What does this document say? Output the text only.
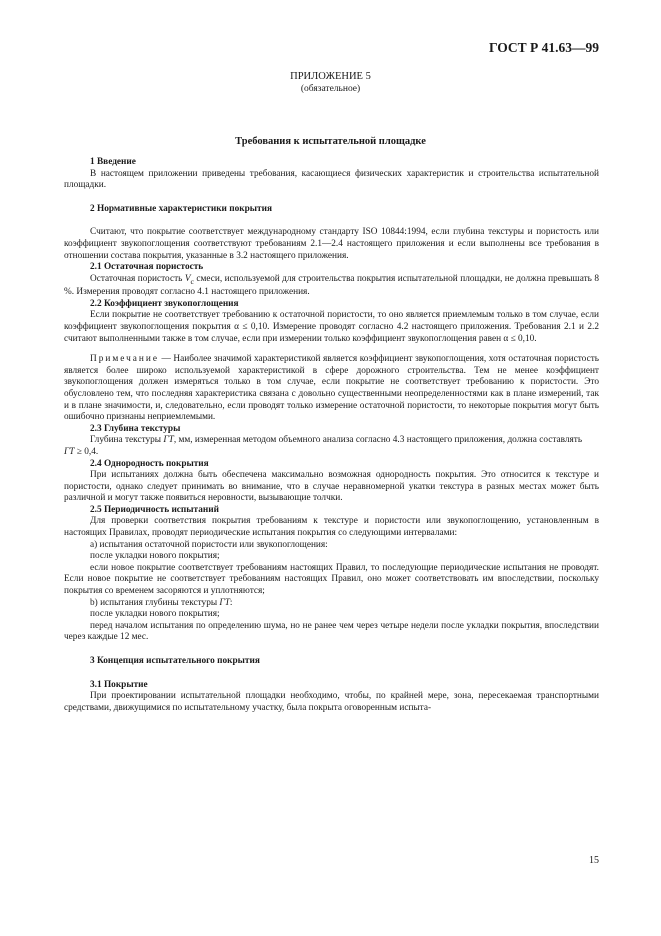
ГОСТ Р 41.63—99
ПРИЛОЖЕНИЕ 5
(обязательное)
Требования к испытательной площадке

1 Введение

В настоящем приложении приведены требования, касающиеся физических характеристик и строительства испытательной площадки.

2 Нормативные характеристики покрытия

Считают, что покрытие соответствует международному стандарту ISO 10844:1994, если глубина текстуры и пористость или коэффициент звукопоглощения соответствуют требованиям 2.1—2.4 настоящего приложения и если выполнены все требования в отношении состава покрытия, указанные в 3.2 настоящего приложения.

2.1 Остаточная пористость

Остаточная пористость $V_c$ смеси, используемой для строительства покрытия испытательной площадки, не должна превышать 8 %. Измерения проводят согласно 4.1 настоящего приложения.

2.2 Коэффициент звукопоглощения

Если покрытие не соответствует требованию к остаточной пористости, то оно является приемлемым только в том случае, если коэффициент звукопоглощения покрытия α ≤ 0,10. Измерение проводят согласно 4.2 настоящего приложения. Требования 2.1 и 2.2 считают выполненными также в том случае, если при измерении только коэффициент звукопоглощения равен α ≤ 0,10.

Примечание — Наиболее значимой характеристикой является коэффициент звукопоглощения, хотя остаточная пористость является более широко используемой характеристикой в сфере дорожного строительства. Тем не менее коэффициент звукопоглощения должен измеряться только в том случае, если покрытие не соответствует требованию к пористости. Это обусловлено тем, что последняя характеристика связана с довольно существенными неопределенностями как в плане измерений, так и в плане значимости, и, следовательно, если проводят только измерение остаточной пористости, то некоторые покрытия могут быть ошибочно признаны неприемлемыми.

2.3 Глубина текстуры

Глубина текстуры ГТ, мм, измеренная методом объемного анализа согласно 4.3 настоящего приложения, должна составлять

ГТ ≥ 0,4.

2.4 Однородность покрытия

При испытаниях должна быть обеспечена максимально возможная однородность покрытия. Это относится к текстуре и пористости, однако следует принимать во внимание, что в случае неравномерной укатки текстура в разных местах может быть различной и могут также появиться неровности, вызывающие толчки.

2.5 Периодичность испытаний

Для проверки соответствия покрытия требованиям к текстуре и пористости или звукопоглощению, установленным в настоящих Правилах, проводят периодические испытания покрытия со следующими интервалами:

a) испытания остаточной пористости или звукопоглощения:

после укладки нового покрытия;

если новое покрытие соответствует требованиям настоящих Правил, то последующие периодические испытания не проводят. Если новое покрытие не соответствует требованиям настоящих Правил, оно может соответствовать им впоследствии, поскольку покрытия со временем засоряются и уплотняются;

b) испытания глубины текстуры ГТ:

после укладки нового покрытия;

перед началом испытания по определению шума, но не ранее чем через четыре недели после укладки покрытия, впоследствии через каждые 12 мес.

3 Концепция испытательного покрытия

3.1 Покрытие

При проектировании испытательной площадки необходимо, чтобы, по крайней мере, зона, пересекаемая транспортными средствами, движущимися по испытательному участку, была покрыта оговоренным испыта-

15
